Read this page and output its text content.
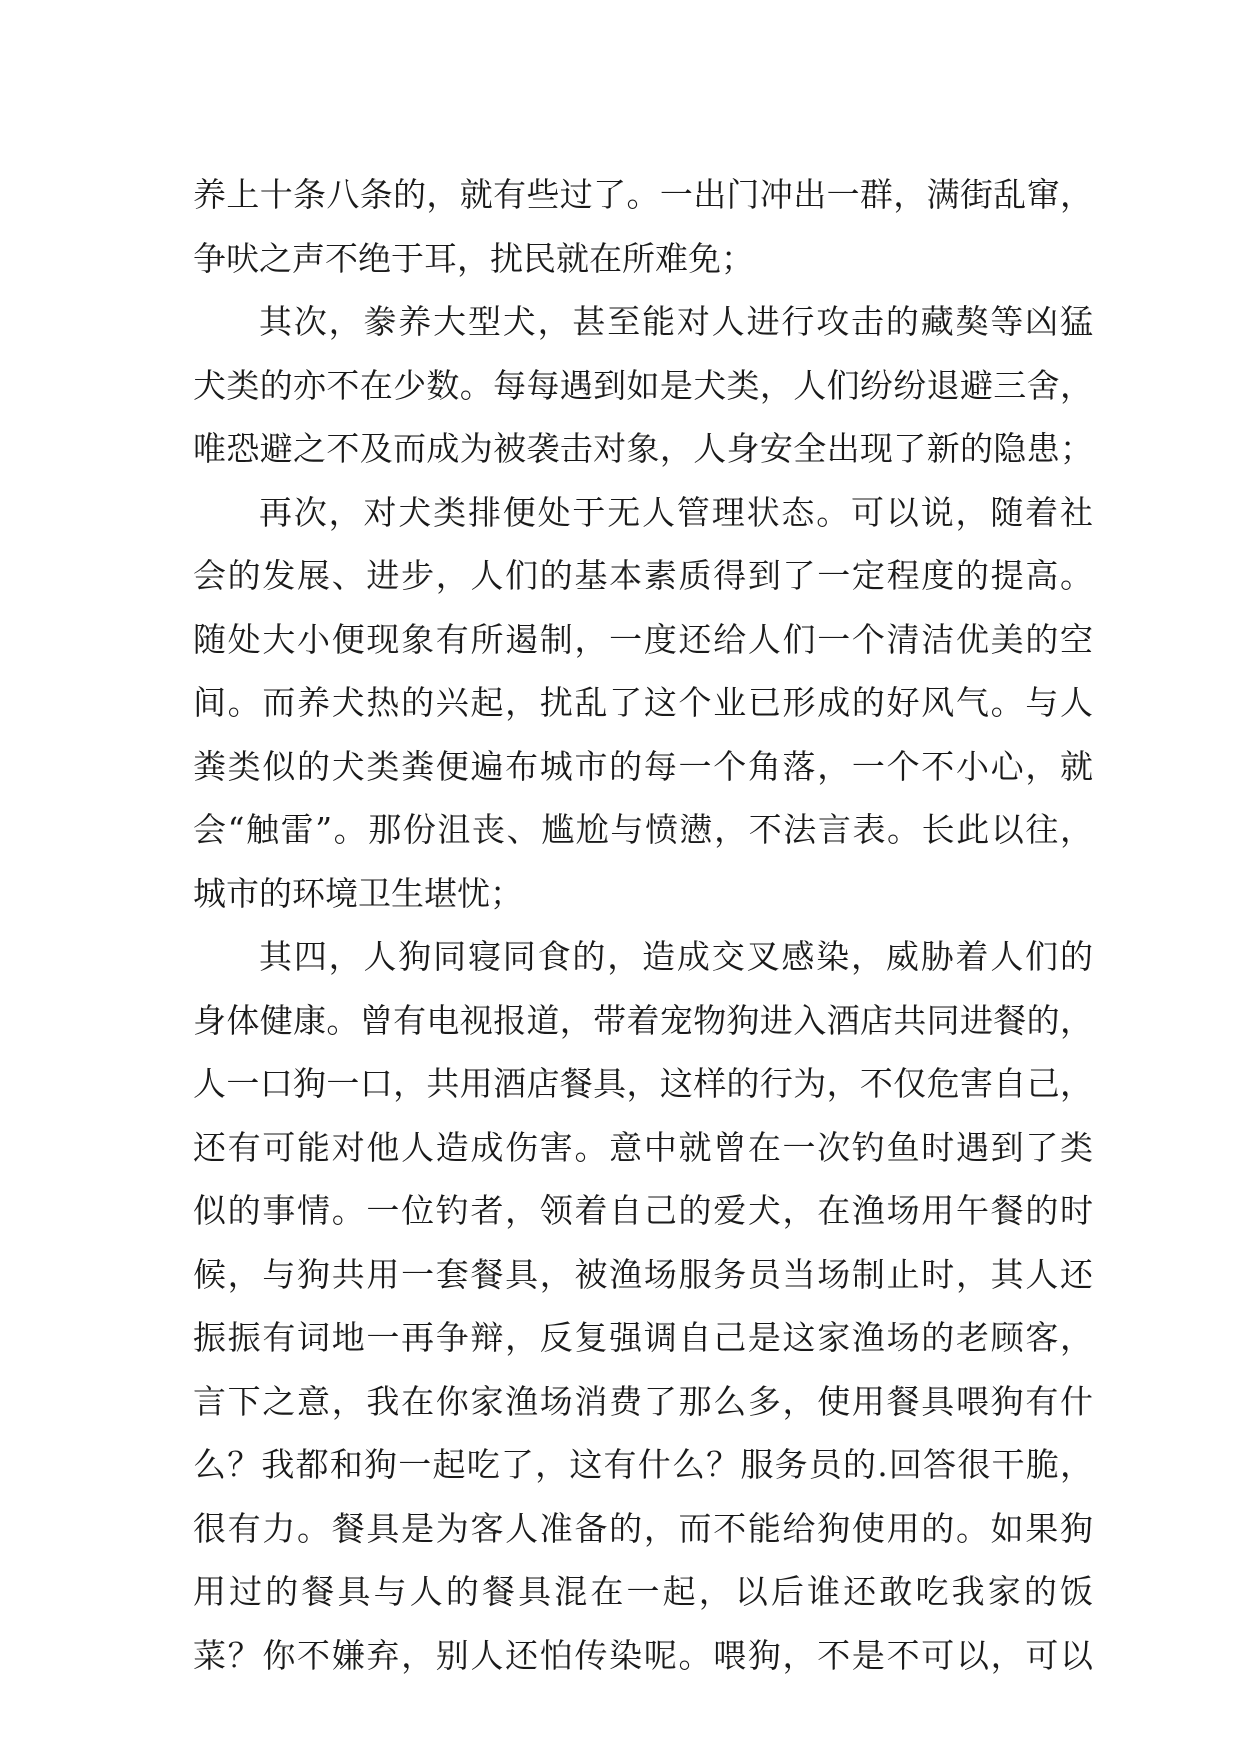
养上十条八条的，就有些过了。一出门冲出一群，满街乱窜，
争吠之声不绝于耳，扰民就在所难免；
其次，豢养大型犬，甚至能对人进行攻击的藏獒等凶猛
犬类的亦不在少数。每每遇到如是犬类，人们纷纷退避三舍，
唯恐避之不及而成为被袭击对象，人身安全出现了新的隐患；
再次，对犬类排便处于无人管理状态。可以说，随着社
会的发展、进步，人们的基本素质得到了一定程度的提高。
随处大小便现象有所遏制，一度还给人们一个清洁优美的空
间。而养犬热的兴起，扰乱了这个业已形成的好风气。与人
粪类似的犬类粪便遍布城市的每一个角落，一个不小心，就
会“触雷”。那份沮丧、尴尬与愤懑，不法言表。长此以往，
城市的环境卫生堪忧；
其四，人狗同寝同食的，造成交叉感染，威胁着人们的
身体健康。曾有电视报道，带着宠物狗进入酒店共同进餐的，
人一口狗一口，共用酒店餐具，这样的行为，不仅危害自己，
还有可能对他人造成伤害。意中就曾在一次钓鱼时遇到了类
似的事情。一位钓者，领着自己的爱犬，在渔场用午餐的时
候，与狗共用一套餐具，被渔场服务员当场制止时，其人还
振振有词地一再争辩，反复强调自己是这家渔场的老顾客，
言下之意，我在你家渔场消费了那么多，使用餐具喂狗有什
么？我都和狗一起吃了，这有什么？服务员的.回答很干脆，
很有力。餐具是为客人准备的，而不能给狗使用的。如果狗
用过的餐具与人的餐具混在一起，以后谁还敢吃我家的饭
菜？你不嫌弃，别人还怕传染呢。喂狗，不是不可以，可以
